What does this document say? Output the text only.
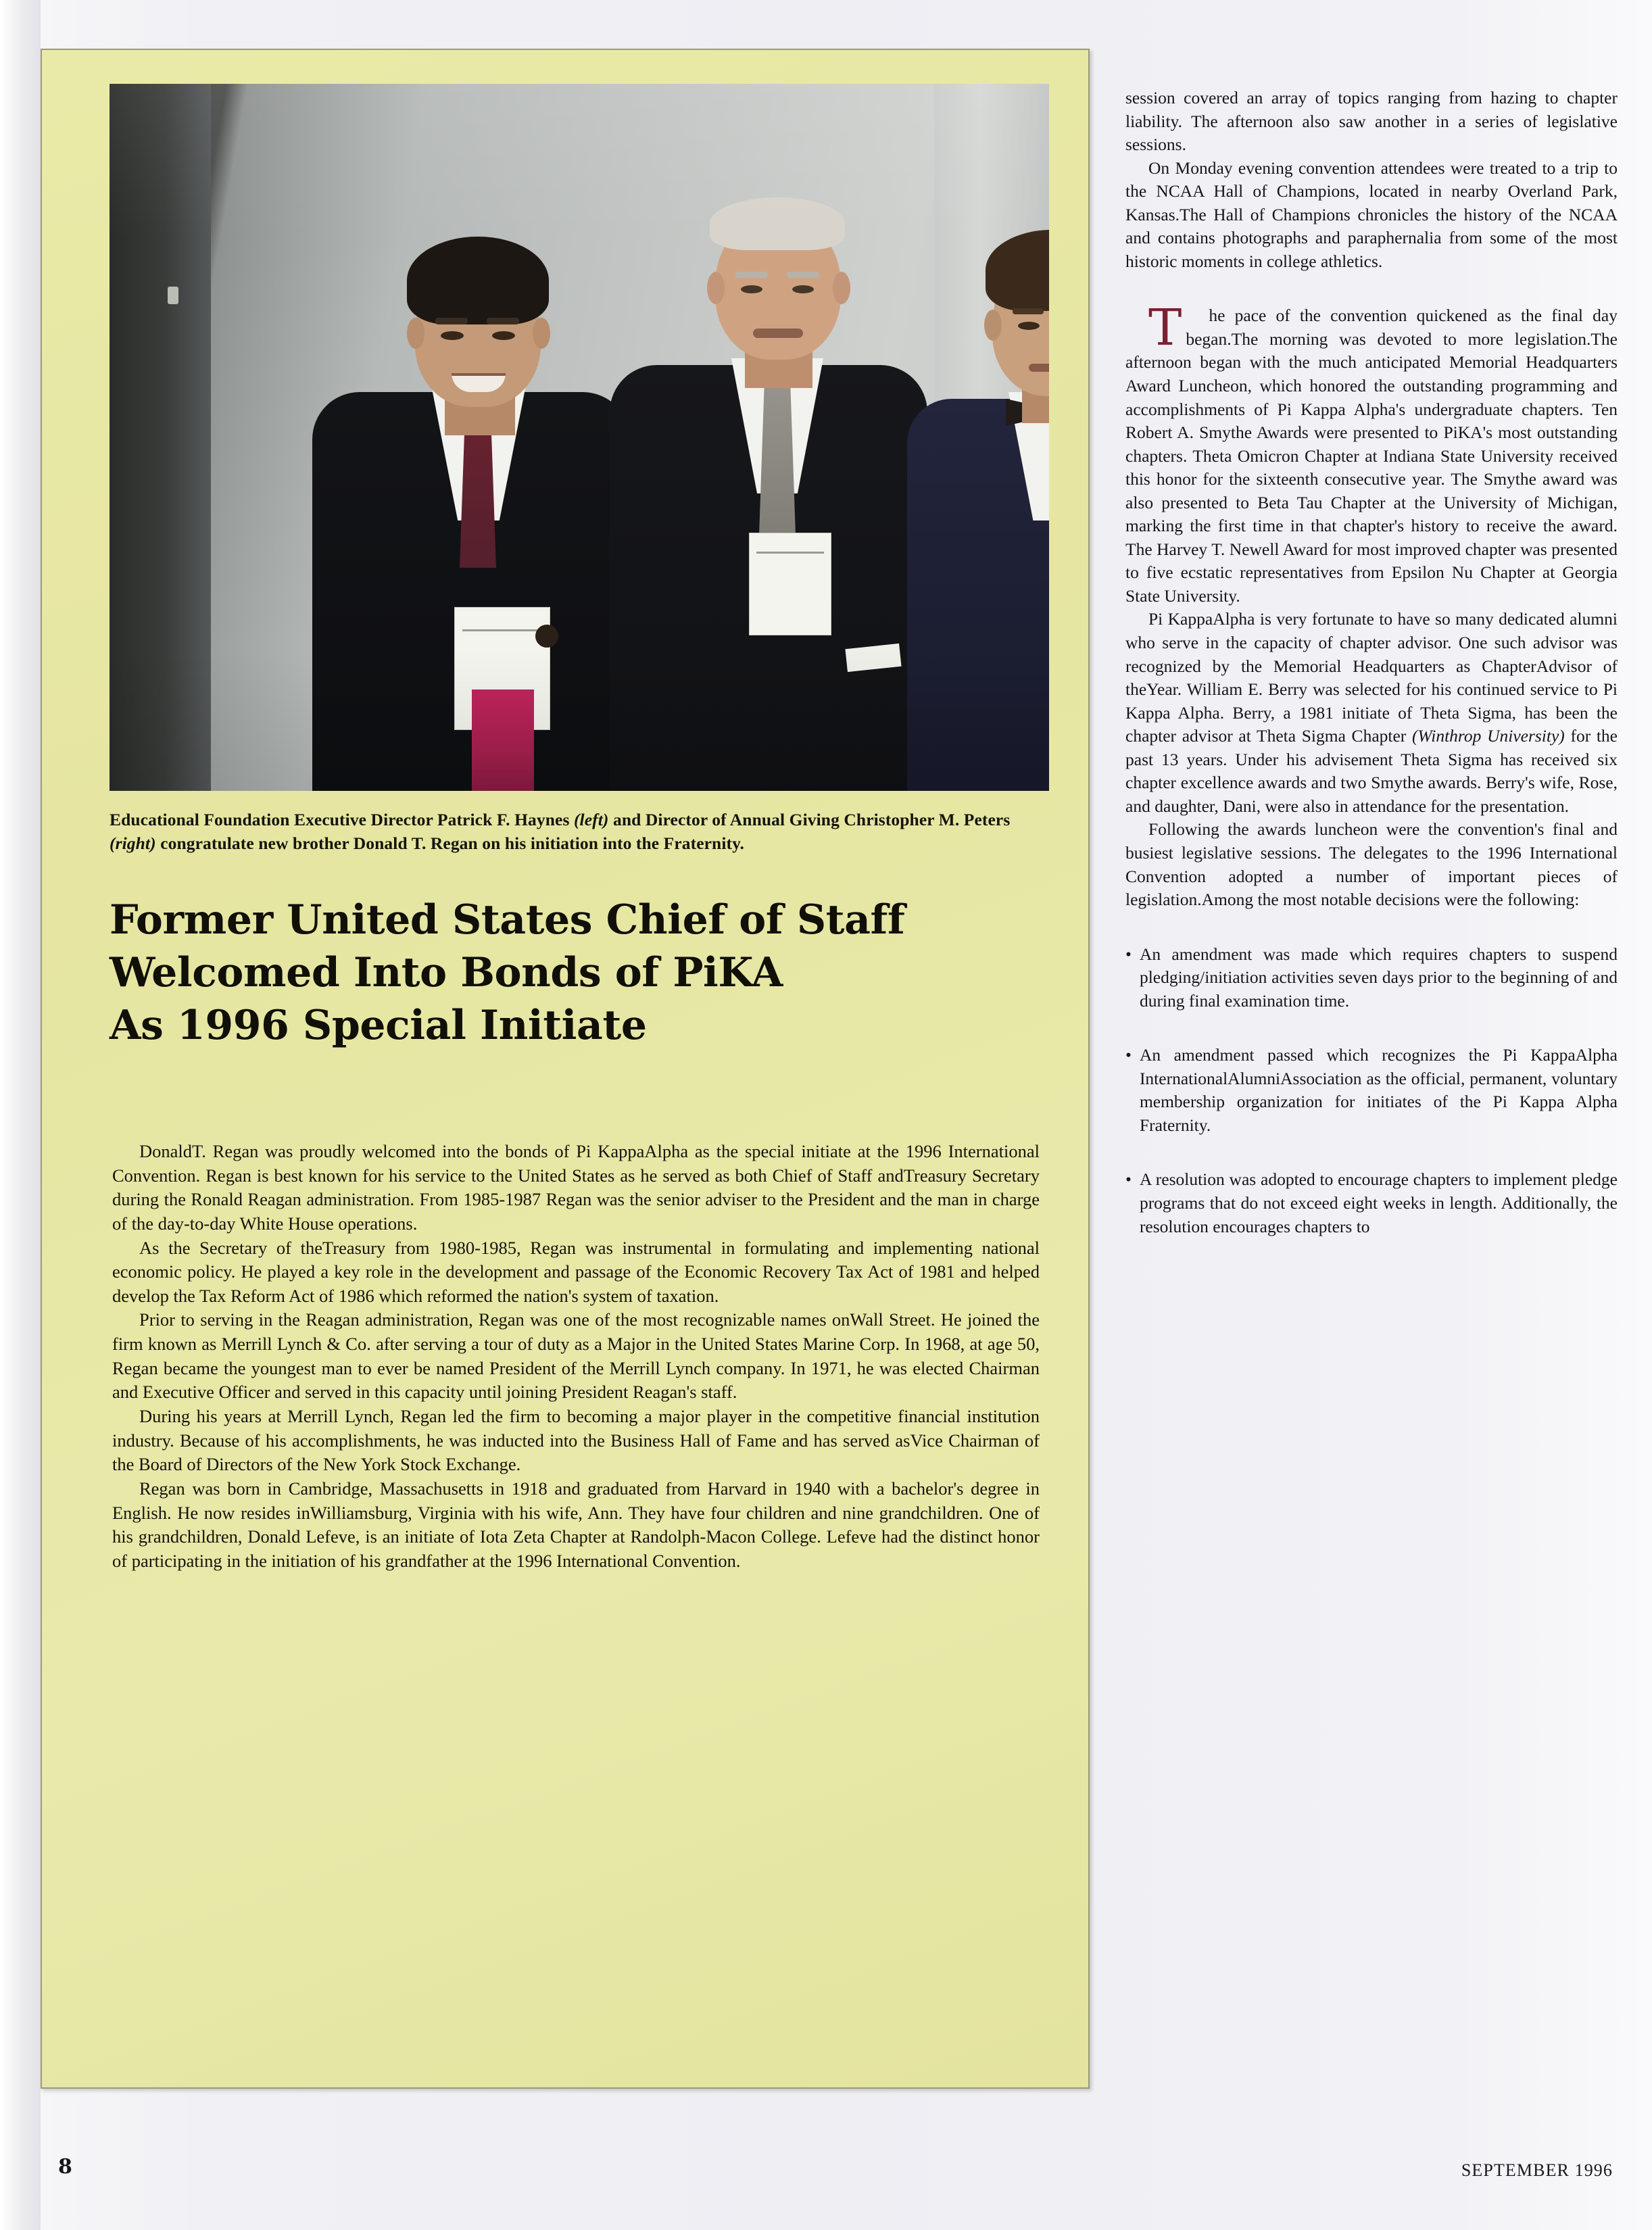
Educational Foundation Executive Director Patrick F. Haynes (left) and Director of Annual Giving Christopher M. Peters (right) congratulate new brother Donald T. Regan on his initiation into the Fraternity.
Former United States Chief of Staff
Welcomed Into Bonds of PiKA
As 1996 Special Initiate

DonaldT. Regan was proudly welcomed into the bonds of Pi KappaAlpha as the special initiate at the 1996 International Convention. Regan is best known for his service to the United States as he served as both Chief of Staff andTreasury Secretary during the Ronald Reagan administration. From 1985-1987 Regan was the senior adviser to the President and the man in charge of the day-to-day White House operations.

As the Secretary of theTreasury from 1980-1985, Regan was instrumental in formulating and implementing national economic policy. He played a key role in the development and passage of the Economic Recovery Tax Act of 1981 and helped develop the Tax Reform Act of 1986 which reformed the nation's system of taxation.

Prior to serving in the Reagan administration, Regan was one of the most recognizable names onWall Street. He joined the firm known as Merrill Lynch & Co. after serving a tour of duty as a Major in the United States Marine Corp. In 1968, at age 50, Regan became the youngest man to ever be named President of the Merrill Lynch company. In 1971, he was elected Chairman and Executive Officer and served in this capacity until joining President Reagan's staff.

During his years at Merrill Lynch, Regan led the firm to becoming a major player in the competitive financial institution industry. Because of his accomplishments, he was inducted into the Business Hall of Fame and has served asVice Chairman of the Board of Directors of the New York Stock Exchange.

Regan was born in Cambridge, Massachusetts in 1918 and graduated from Harvard in 1940 with a bachelor's degree in English. He now resides inWilliamsburg, Virginia with his wife, Ann. They have four children and nine grandchildren. One of his grandchildren, Donald Lefeve, is an initiate of Iota Zeta Chapter at Randolph-Macon College. Lefeve had the distinct honor of participating in the initiation of his grandfather at the 1996 International Convention.

session covered an array of topics ranging from hazing to chapter liability. The afternoon also saw another in a series of legislative sessions.

On Monday evening convention attendees were treated to a trip to the NCAA Hall of Champions, located in nearby Overland Park, Kansas.The Hall of Champions chronicles the history of the NCAA and contains photographs and paraphernalia from some of the most historic moments in college athletics.

T he pace of the convention quickened as the final day began.The morning was devoted to more legislation.The afternoon began with the much anticipated Memorial Headquarters Award Luncheon, which honored the outstanding programming and accomplishments of Pi Kappa Alpha's undergraduate chapters. Ten Robert A. Smythe Awards were presented to PiKA's most outstanding chapters. Theta Omicron Chapter at Indiana State University received this honor for the sixteenth consecutive year. The Smythe award was also presented to Beta Tau Chapter at the University of Michigan, marking the first time in that chapter's history to receive the award. The Harvey T. Newell Award for most improved chapter was presented to five ecstatic representatives from Epsilon Nu Chapter at Georgia State University.

Pi KappaAlpha is very fortunate to have so many dedicated alumni who serve in the capacity of chapter advisor. One such advisor was recognized by the Memorial Headquarters as ChapterAdvisor of theYear. William E. Berry was selected for his continued service to Pi Kappa Alpha. Berry, a 1981 initiate of Theta Sigma, has been the chapter advisor at Theta Sigma Chapter (Winthrop University) for the past 13 years. Under his advisement Theta Sigma has received six chapter excellence awards and two Smythe awards. Berry's wife, Rose, and daughter, Dani, were also in attendance for the presentation.

Following the awards luncheon were the convention's final and busiest legislative sessions. The delegates to the 1996 International Convention adopted a number of important pieces of legislation.Among the most notable decisions were the following:

• An amendment was made which requires chapters to suspend pledging/initiation activities seven days prior to the beginning of and during final examination time.
• An amendment passed which recognizes the Pi KappaAlpha InternationalAlumniAssociation as the official, permanent, voluntary membership organization for initiates of the Pi Kappa Alpha Fraternity.
• A resolution was adopted to encourage chapters to implement pledge programs that do not exceed eight weeks in length. Additionally, the resolution encourages chapters to
8	SEPTEMBER 1996
